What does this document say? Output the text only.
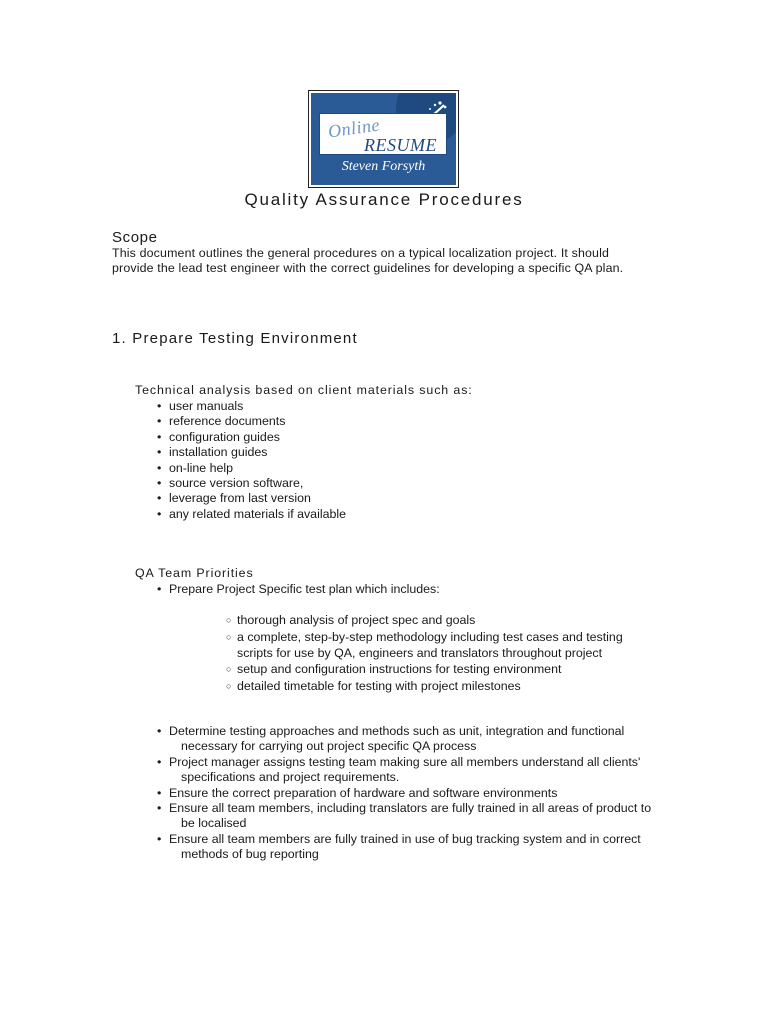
Online
RESUME
Steven Forsyth
Quality Assurance Procedures
Scope
This document outlines the general procedures on a typical localization project. It should provide the lead test engineer with the correct guidelines for developing a specific QA plan.
1. Prepare Testing Environment
Technical analysis based on client materials such as:
• user manuals
• reference documents
• configuration guides
• installation guides
• on-line help
• source version software,
• leverage from last version
• any related materials if available
QA Team Priorities
• Prepare Project Specific test plan which includes:
○ thorough analysis of project spec and goals
○ a complete, step-by-step methodology including test cases and testing scripts for use by QA, engineers and translators throughout project
○ setup and configuration instructions for testing environment
○ detailed timetable for testing with project milestones
• Determine testing approaches and methods such as unit, integration and functional necessary for carrying out project specific QA process
• Project manager assigns testing team making sure all members understand all clients' specifications and project requirements.
• Ensure the correct preparation of hardware and software environments
• Ensure all team members, including translators are fully trained in all areas of product to be localised
• Ensure all team members are fully trained in use of bug tracking system and in correct methods of bug reporting
